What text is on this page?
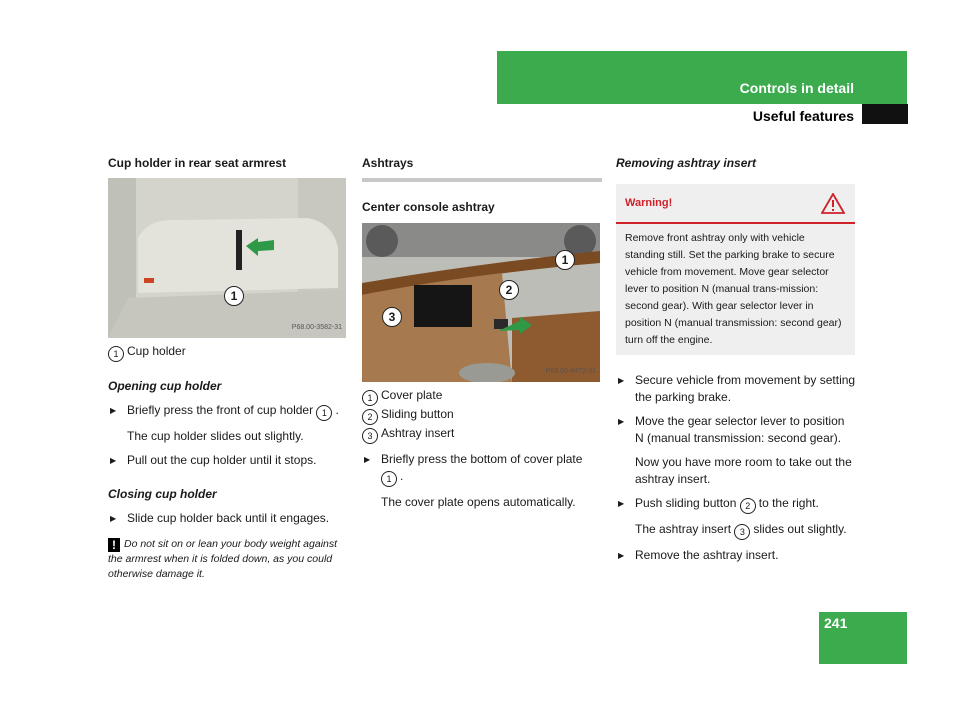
Controls in detail
Useful features

Cup holder in rear seat armrest

1
P68.00-3582-31
1 Cup holder
Opening cup holder
▶ Briefly press the front of cup holder 1 .
The cup holder slides out slightly.
▶ Pull out the cup holder until it stops.
Closing cup holder
▶ Slide cup holder back until it engages.
! Do not sit on or lean your body weight against the armrest when it is folded down, as you could otherwise damage it.

Ashtrays

Center console ashtray

1
2
3
P68.00-4472-31
1 Cover plate
2 Sliding button
3 Ashtray insert
▶ Briefly press the bottom of cover plate 1 .
The cover plate opens automatically.
Removing ashtray insert
Warning!
Remove front ashtray only with vehicle standing still. Set the parking brake to secure vehicle from movement. Move gear selector lever to position N (manual trans-mission: second gear). With gear selector lever in position N (manual transmission: second gear) turn off the engine.
▶ Secure vehicle from movement by setting the parking brake.
▶ Move the gear selector lever to position N (manual transmission: second gear).
Now you have more room to take out the ashtray insert.
▶ Push sliding button 2 to the right.
The ashtray insert 3 slides out slightly.
▶ Remove the ashtray insert.
241
